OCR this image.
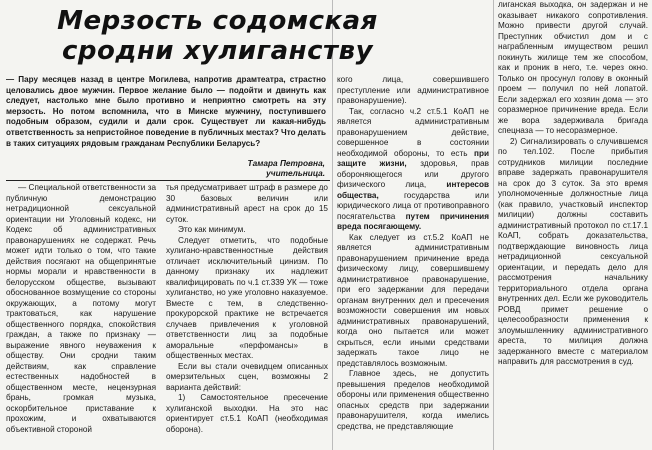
Мерзость содомская
сродни хулиганству

— Пару месяцев назад в центре Могилева, напротив драмтеатра, страстно целовались двое мужчин. Первое желание было — подойти и двинуть как следует, настолько мне было противно и неприятно смотреть на эту мерзость. Но потом вспомнила, что в Минске мужчину, поступившего подобным образом, судили и дали срок. Существует ли какая-нибудь ответственность за непристойное поведение в публичных местах? Что делать в таких ситуациях рядовым гражданам Республики Беларусь?

Тамара Петровна,
учительница.

— Специальной ответственности за публичную демонстрацию нетрадиционной сексуальной ориентации ни Уголовный кодекс, ни Кодекс об административных правонарушениях не содержат. Речь может идти только о том, что такие действия посягают на общепринятые нормы морали и нравственности в белорусском обществе, вызывают обоснованное возмущение со стороны окружающих, а потому могут трактоваться, как нарушение общественного порядка, спокойствия граждан, а также по признаку — выражение явного неуважения к обществу. Они сродни таким действиям, как справление естественных надобностей в общественном месте, нецензурная брань, громкая музыка, оскорбительное приставание к прохожим, и охватываются объективной стороной

тья предусматривает штраф в размере до 30 базовых величин или административный арест на срок до 15 суток.

Это как минимум.

Следует отметить, что подобные хулигано-нравственностные действия отличает исключительный цинизм. По данному признаку их надлежит квалифицировать по ч.1 ст.339 УК — тоже хулиганство, но уже уголовно наказуемое. Вместе с тем, в следственно-прокурорской практике не встречается случаев привлечения к уголовной ответственности лиц за подобные аморальные «перфомансы» в общественных местах.

Если вы стали очевидцем описанных омерзительных сцен, возможны 2 варианта действий:

1) Самостоятельное пресечение хулиганской выходки. На это нас ориентирует ст.5.1 КоАП (необходимая оборона).

кого лица, совершившего преступление или административное правонарушение).

Так, согласно ч.2 ст.5.1 КоАП не является административным правонарушением действие, совершенное в состоянии необходимой обороны, то есть при защите жизни, здоровья, прав обороняющегося или другого физического лица, интересов общества, государства или юридического лица от противоправного посягательства путем причинения вреда посягающему.

Как следует из ст.5.2 КоАП не является административным правонарушением причинение вреда физическому лицу, совершившему административное правонарушение, при его задержании для передачи органам внутренних дел и пресечения возможности совершения им новых административных правонарушений, когда оно пытается или может скрыться, если иными средствами задержать такое лицо не представлялось возможным.

Главное здесь, не допустить превышения пределов необходимой обороны или применения общественно опасных средств при задержании правонарушителя, когда имелись средства, не представляющие

лиганская выходка, он задержан и не оказывает никакого сопротивления. Можно привести другой случай. Преступник обчистил дом и с награбленным имуществом решил покинуть жилище тем же способом, как и проник в него, т.е. через окно. Только он просунул голову в оконный проем — получил по ней лопатой. Если задержал его хозяин дома — это соразмерное причинение вреда. Если же вора задерживала бригада спецназа — то несоразмерное.

2) Сигнализировать о случившемся по тел.102. После прибытия сотрудников милиции последние вправе задержать правонарушителя на срок до 3 суток. За это время уполномоченные должностные лица (как правило, участковый инспектор милиции) должны составить административный протокол по ст.17.1 КоАП, собрать доказательства, подтверждающие виновность лица нетрадиционной сексуальной ориентации, и передать дело для рассмотрения начальнику территориального отдела органа внутренних дел. Если же руководитель РОВД примет решение о целесообразности применения к злоумышленнику административного ареста, то милиция должна задержанного вместе с материалом направить для рассмотрения в суд.
